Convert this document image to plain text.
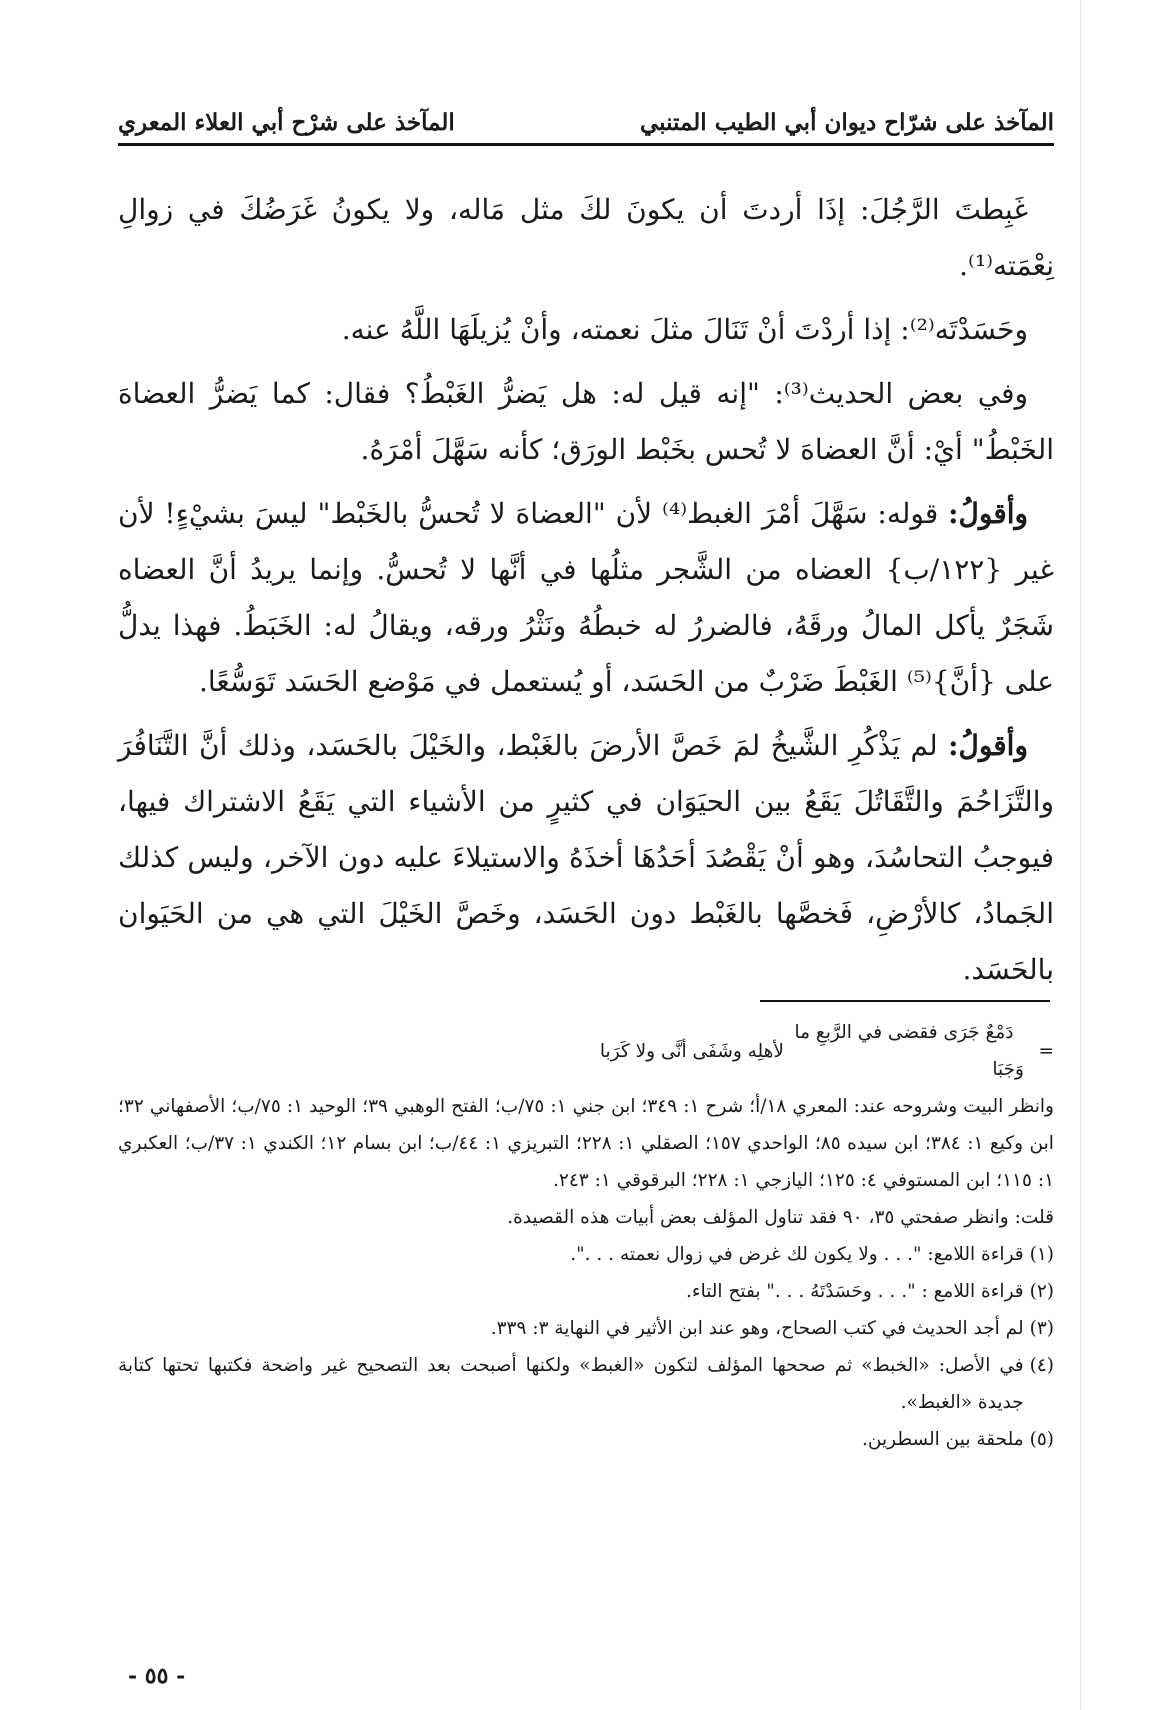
المآخذ على شرّاح ديوان أبي الطيب المتنبي
المآخذ على شرْح أبي العلاء المعري

غَبِطتَ الرَّجُلَ: إذَا أردتَ أن يكونَ لكَ مثل مَاله، ولا يكونُ غَرَضُكَ في زوالِ نِعْمَته⁽¹⁾.

وحَسَدْتَه⁽²⁾: إذا أردْتَ أنْ تَنَالَ مثلَ نعمته، وأنْ يُزيلَهَا اللَّهُ عنه.

وفي بعض الحديث⁽³⁾: "إنه قيل له: هل يَضرُّ الغَبْطُ؟ فقال: كما يَضرُّ العضاهَ الخَبْطُ" أيْ: أنَّ العضاهَ لا تُحس بخَبْط الورَق؛ كأنه سَهَّلَ أمْرَهُ.

وأقولُ: قوله: سَهَّلَ أمْرَ الغبط⁽⁴⁾ لأن "العضاهَ لا تُحسُّ بالخَبْط" ليسَ بشيْءٍ! لأن غير {١٢٢/ب} العضاه من الشَّجر مثلُها في أنَّها لا تُحسُّ. وإنما يريدُ أنَّ العضاه شَجَرٌ يأكل المالُ ورقَهُ، فالضررُ له خبطُهُ ونَثْرُ ورقه، ويقالُ له: الخَبَطُ. فهذا يدلُّ على {أنَّ}⁽⁵⁾ الغَبْطَ ضَرْبٌ من الحَسَد، أو يُستعمل في مَوْضع الحَسَد تَوَسُّعًا.

وأقولُ: لم يَذْكُرِ الشَّيخُ لمَ خَصَّ الأرضَ بالغَبْط، والخَيْلَ بالحَسَد، وذلك أنَّ التَّنَافُرَ والتَّزَاحُمَ والتَّقَاتُلَ يَقَعُ بين الحيَوَان في كثيرٍ من الأشياء التي يَقَعُ الاشتراك فيها، فيوجبُ التحاسُدَ، وهو أنْ يَقْصُدَ أحَدُهَا أخذَهُ والاستيلاءَ عليه دون الآخر، وليس كذلك الجَمادُ، كالأرْضِ، فَخصَّها بالغَبْط دون الحَسَد، وخَصَّ الخَيْلَ التي هي من الحَيَوان بالحَسَد.

=
دَمْعٌ جَرَى فقضى في الرَّبعِ ما وَجَبَا
لأهلِه وشَفَى أنَّى ولا كَرَبا

وانظر البيت وشروحه عند: المعري ١٨/أ؛ شرح ١: ٣٤٩؛ ابن جني ١: ٧٥/ب؛ الفتح الوهبي ٣٩؛ الوحيد ١: ٧٥/ب؛ الأصفهاني ٣٢؛ ابن وكيع ١: ٣٨٤؛ ابن سيده ٨٥؛ الواحدي ١٥٧؛ الصقلي ١: ٢٢٨؛ التبريزي ١: ٤٤/ب؛ ابن بسام ١٢؛ الكندي ١: ٣٧/ب؛ العكبري ١: ١١٥؛ ابن المستوفي ٤: ١٢٥؛ اليازجي ١: ٢٢٨؛ البرقوقي ١: ٢٤٣.

قلت: وانظر صفحتي ٣٥، ٩٠ فقد تناول المؤلف بعض أبيات هذه القصيدة.

(١)
قراءة اللامع: ". . . ولا يكون لك غرض في زوال نعمته . . .".
(٢)
قراءة اللامع : ". . . وحَسَدْتَهُ . . ." بفتح التاء.
(٣)
لم أجد الحديث في كتب الصحاح، وهو عند ابن الأثير في النهاية ٣: ٣٣٩.
(٤)
في الأصل: «الخبط» ثم صححها المؤلف لتكون «الغبط» ولكنها أصبحت بعد التصحيح غير واضحة فكتبها تحتها كتابة جديدة «الغبط».
(٥)
ملحقة بين السطرين.
- ٥٥ -
